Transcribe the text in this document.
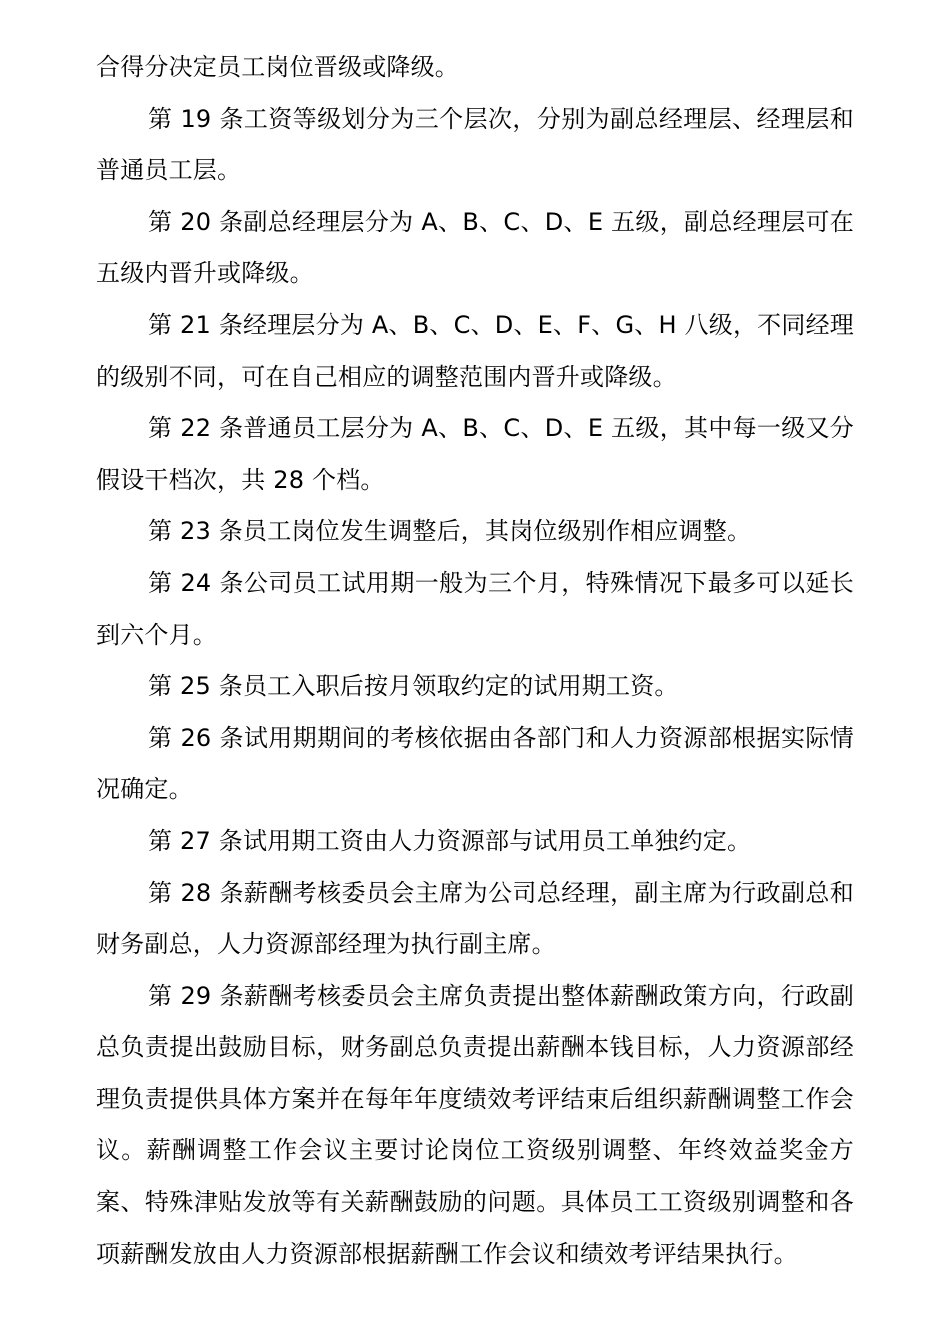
合得分决定员工岗位晋级或降级。

第 19 条工资等级划分为三个层次，分别为副总经理层、经理层和普通员工层。

第 20 条副总经理层分为 A、B、C、D、E 五级，副总经理层可在五级内晋升或降级。

第 21 条经理层分为 A、B、C、D、E、F、G、H 八级，不同经理的级别不同，可在自己相应的调整范围内晋升或降级。

第 22 条普通员工层分为 A、B、C、D、E 五级，其中每一级又分假设干档次，共 28 个档。

第 23 条员工岗位发生调整后，其岗位级别作相应调整。

第 24 条公司员工试用期一般为三个月，特殊情况下最多可以延长到六个月。

第 25 条员工入职后按月领取约定的试用期工资。

第 26 条试用期期间的考核依据由各部门和人力资源部根据实际情况确定。

第 27 条试用期工资由人力资源部与试用员工单独约定。

第 28 条薪酬考核委员会主席为公司总经理，副主席为行政副总和财务副总，人力资源部经理为执行副主席。

第 29 条薪酬考核委员会主席负责提出整体薪酬政策方向，行政副总负责提出鼓励目标，财务副总负责提出薪酬本钱目标，人力资源部经理负责提供具体方案并在每年年度绩效考评结束后组织薪酬调整工作会议。薪酬调整工作会议主要讨论岗位工资级别调整、年终效益奖金方案、特殊津贴发放等有关薪酬鼓励的问题。具体员工工资级别调整和各项薪酬发放由人力资源部根据薪酬工作会议和绩效考评结果执行。
